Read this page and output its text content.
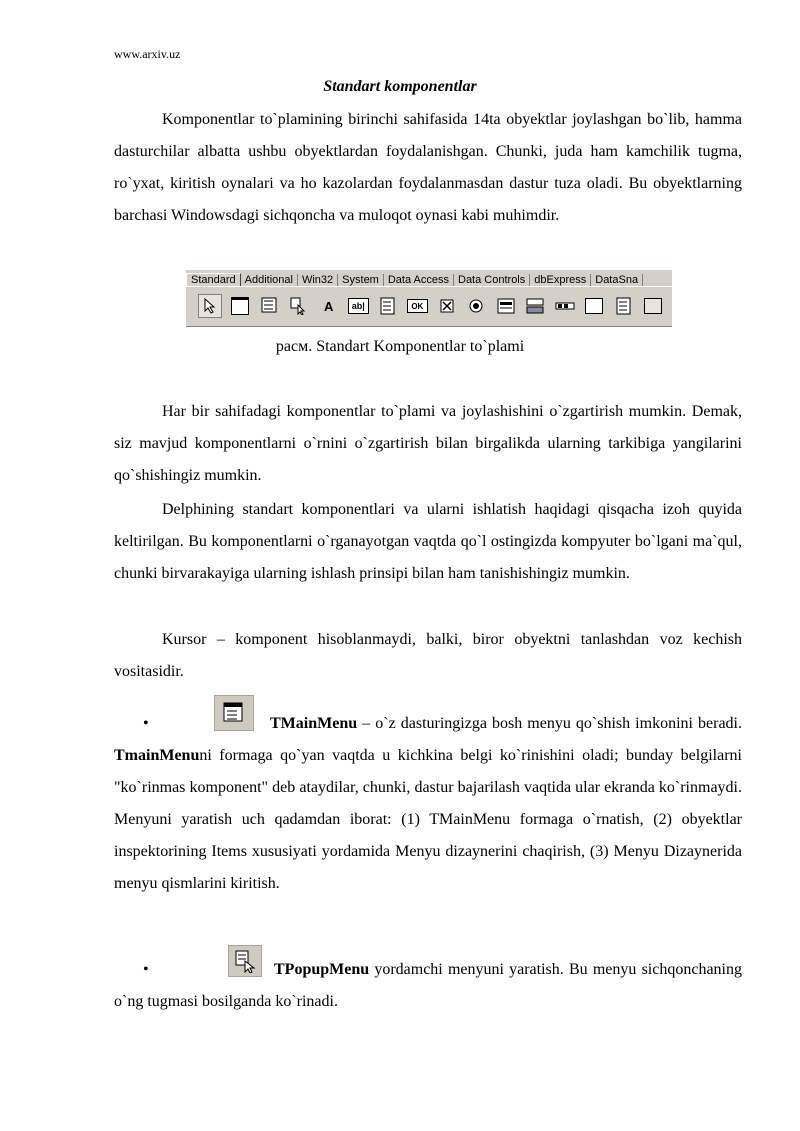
www.arxiv.uz
Standart komponentlar
Komponentlar to`plamining birinchi sahifasida 14ta obyektlar joylashgan bo`lib, hamma dasturchilar albatta ushbu obyektlardan foydalanishgan. Chunki, juda ham kamchilik tugma, ro`yxat, kiritish oynalari va ho kazolardan foydalanmasdan dastur tuza oladi. Bu obyektlarning barchasi Windowsdagi sichqoncha va muloqot oynasi kabi muhimdir.
Standard Additional Win32 System Data Access Data Controls dbExpress DataSna
A	ab|	OK
расм. Standart Komponentlar to`plami
Har bir sahifadagi komponentlar to`plami va joylashishini o`zgartirish mumkin. Demak, siz mavjud komponentlarni o`rnini o`zgartirish bilan birgalikda ularning tarkibiga yangilarini qo`shishingiz mumkin.
Delphining standart komponentlari va ularni ishlatish haqidagi qisqacha izoh quyida keltirilgan. Bu komponentlarni o`rganayotgan vaqtda qo`l ostingizda kompyuter bo`lgani ma`qul, chunki birvarakayiga ularning ishlash prinsipi bilan ham tanishishingiz mumkin.
Kursor – komponent hisoblanmaydi, balki, biror obyektni tanlashdan voz kechish vositasidir.
•	TMainMenu – o`z dasturingizga bosh menyu qo`shish imkonini beradi. TmainMenuni formaga qo`yan vaqtda u kichkina belgi ko`rinishini oladi; bunday belgilarni "ko`rinmas komponent" deb ataydilar, chunki, dastur bajarilash vaqtida ular ekranda ko`rinmaydi. Menyuni yaratish uch qadamdan iborat: (1) TMainMenu formaga o`rnatish, (2) obyektlar inspektorining Items xususiyati yordamida Menyu dizaynerini chaqirish, (3) Menyu Dizaynerida menyu qismlarini kiritish.
•	TPopupMenu yordamchi menyuni yaratish. Bu menyu sichqonchaning o`ng tugmasi bosilganda ko`rinadi.
